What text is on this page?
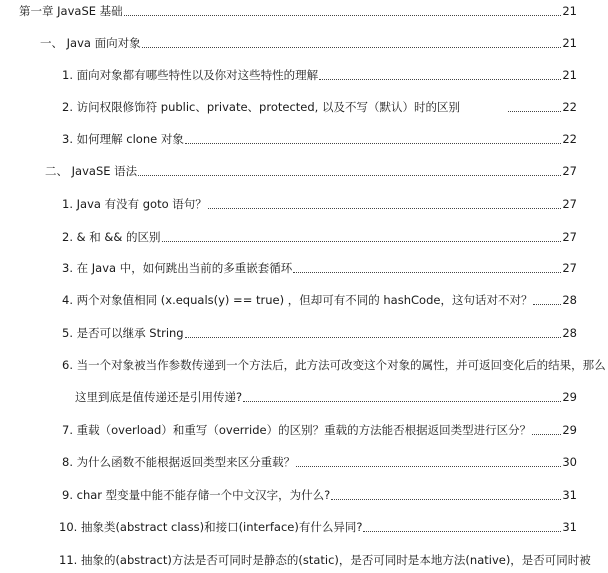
第一章 JavaSE 基础	21
一、 Java 面向对象	21
1. 面向对象都有哪些特性以及你对这些特性的理解	21
2. 访问权限修饰符 public、private、protected, 以及不写（默认）时的区别	22
3. 如何理解 clone 对象	22
二、 JavaSE 语法	27
1. Java 有没有 goto 语句？	27
2. & 和 && 的区别	27
3. 在 Java 中，如何跳出当前的多重嵌套循环	27
4. 两个对象值相同 (x.equals(y) == true) ，但却可有不同的 hashCode，这句话对不对？	28
5. 是否可以继承 String	28
6. 当一个对象被当作参数传递到一个方法后，此方法可改变这个对象的属性，并可返回变化后的结果，那么
这里到底是值传递还是引用传递?	29
7. 重载（overload）和重写（override）的区别？重载的方法能否根据返回类型进行区分？	29
8. 为什么函数不能根据返回类型来区分重载？	30
9. char 型变量中能不能存储一个中文汉字，为什么?	31
10. 抽象类(abstract class)和接口(interface)有什么异同?	31
11. 抽象的(abstract)方法是否可同时是静态的(static)，是否可同时是本地方法(native)，是否可同时被
